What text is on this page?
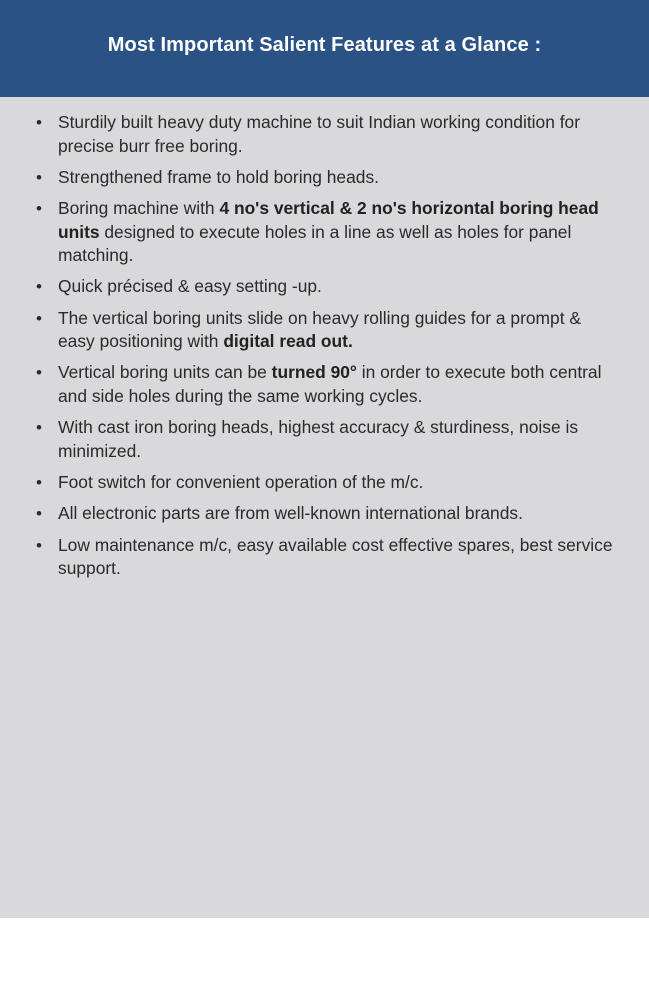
Most Important Salient Features at a Glance :
• Sturdily built heavy duty machine to suit Indian working condition for precise burr free boring.
• Strengthened frame to hold boring heads.
• Boring machine with 4 no's vertical & 2 no's horizontal boring head units designed to execute holes in a line as well as holes for panel matching.
• Quick précised & easy setting -up.
• The vertical boring units slide on heavy rolling guides for a prompt & easy positioning with digital read out.
• Vertical boring units can be turned 90° in order to execute both central and side holes during the same working cycles.
• With cast iron boring heads, highest accuracy & sturdiness, noise is minimized.
• Foot switch for convenient operation of the m/c.
• All electronic parts are from well-known international brands.
• Low maintenance m/c, easy available cost effective spares, best service support.
